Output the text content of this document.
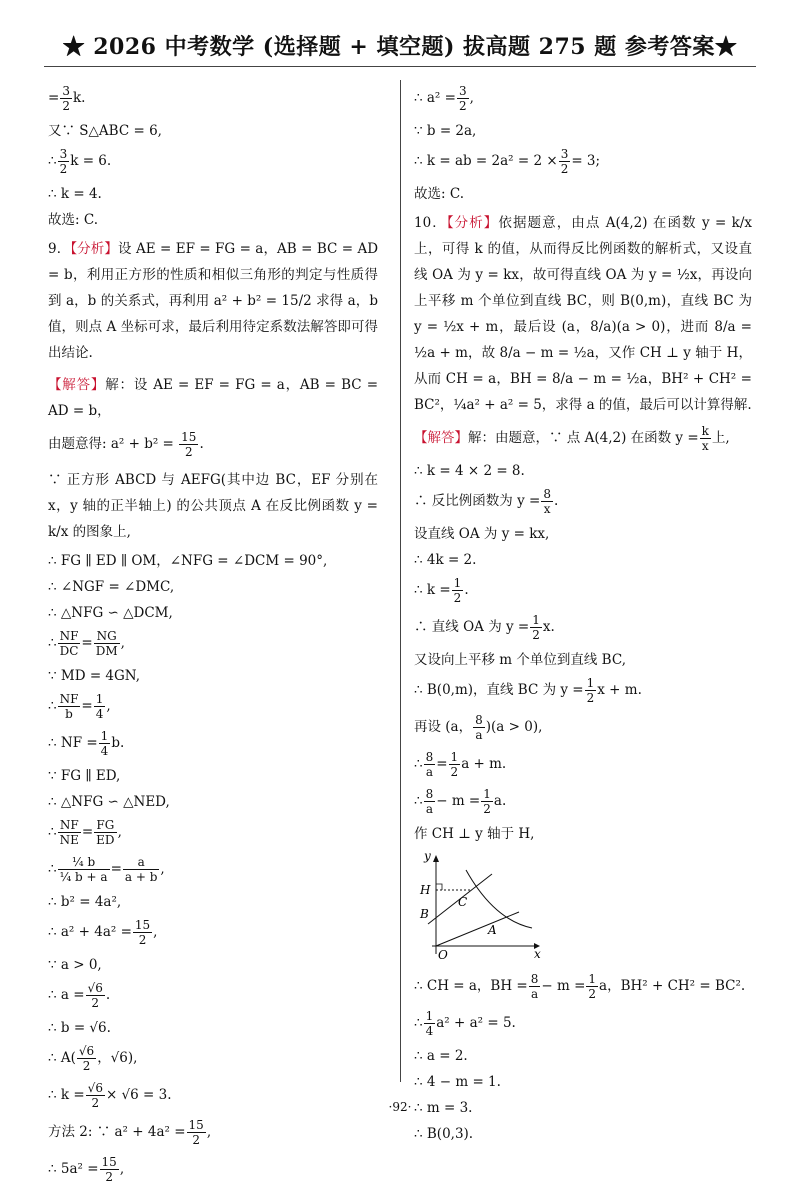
★ 2026 中考数学 (选择题 + 填空题) 拔高题 275 题 参考答案★
= $\frac{3}{2} k$.
又∵ S△ABC = 6,
∴ $\frac{3}{2}$ k = 6.
∴ k = 4.
故选: C.
9．【分析】设 AE = EF = FG = a，AB = BC = AD = b，利用正方形的性质和相似三角形的判定与性质得到 a，b 的关系式，再利用 a² + b² = 15/2 求得 a，b 值，则点 A 坐标可求，最后利用待定系数法解答即可得出结论.
【解答】解：设 AE = EF = FG = a，AB = BC = AD = b，
由题意得: $a^2 + b^2 = \frac{15}{2}$ .
∵ 正方形 ABCD 与 AEFG(其中边 BC，EF 分别在 x，y 轴的正半轴上) 的公共顶点 A 在反比例函数 y = k/x 的图象上,
∴ FG ∥ ED ∥ OM，∠NFG = ∠DCM = 90°,
∴ ∠NGF = ∠DMC,
∴ △NFG ∽ △DCM,
∴ $\frac{NF}{DC} = \frac{NG}{DM}$ ,
∵ MD = 4GN,
∴ $\frac{NF}{b} = \frac{1}{4}$ ,
∴ NF = $\frac{1}{4} b$.
∵ FG ∥ ED,
∴ △NFG ∽ △NED,
∴ $\frac{NF}{NE} = \frac{FG}{ED}$ ,
∴ $\frac{\text{¼ b}}{\text{¼ b + a}} = \frac{a}{a + b}$ ,
∴ b² = 4a²,
∴ $a^2 + 4a^2 = \frac{15}{2}$ ,
∵ a > 0,
∴ $a = \frac{√6}{2}$ .
∴ b = √6.
∴ $A( \frac{√6}{2}$ ，√6),
∴ $k = \frac{√6}{2} \times √6 = 3$.
方法 2: ∵ $a^2 + 4a^2 = \frac{15}{2}$ ,
∴ $5a^2 = \frac{15}{2}$ ,
∴ $a^2 = \frac{3}{2}$ ,
∵ b = 2a,
∴ k = ab = $2a^2 = 2 \times \frac{3}{2} = 3$;
故选: C.
10．【分析】依据题意，由点 A(4,2) 在函数 y = k/x 上，可得 k 的值，从而得反比例函数的解析式，又设直线 OA 为 y = kx，故可得直线 OA 为 y = ½x，再设向上平移 m 个单位到直线 BC，则 B(0,m)，直线 BC 为 y = ½x + m，最后设 (a，8/a)(a > 0)，进而 8/a = ½a + m，故 8/a − m = ½a，又作 CH ⊥ y 轴于 H，从而 CH = a，BH = 8/a − m = ½a，BH² + CH² = BC²，¼a² + a² = 5，求得 a 的值，最后可以计算得解.
【解答】解：由题意，∵ 点 A(4,2) 在函数 $y = \frac{k}{x}$ 上,
∴ k = 4 × 2 = 8.
∴ 反比例函数为 $y = \frac{8}{x}$ .
设直线 OA 为 y = kx,
∴ 4k = 2.
∴ $k = \frac{1}{2}$ .
∴ 直线 OA 为 $y = \frac{1}{2} x$.
又设向上平移 m 个单位到直线 BC,
∴ B(0,m)，直线 BC 为 $y = \frac{1}{2}$ x + m.
再设 (a， $\frac{8}{a} )(a > 0)$,
∴ $\frac{8}{a} = \frac{1}{2}$ a + m.
∴ $\frac{8}{a} - m = \frac{1}{2} a$.
作 CH ⊥ y 轴于 H,
y
x
H
B
C
A
O
∴ CH = a，BH = $\frac{8}{a} - m = \frac{1}{2}$ a，BH² + CH² = BC².
∴ $\frac{1}{4} a^2 + a^2 = 5$.
∴ a = 2.
∴ 4 − m = 1.
∴ m = 3.
∴ B(0,3).
·92·
